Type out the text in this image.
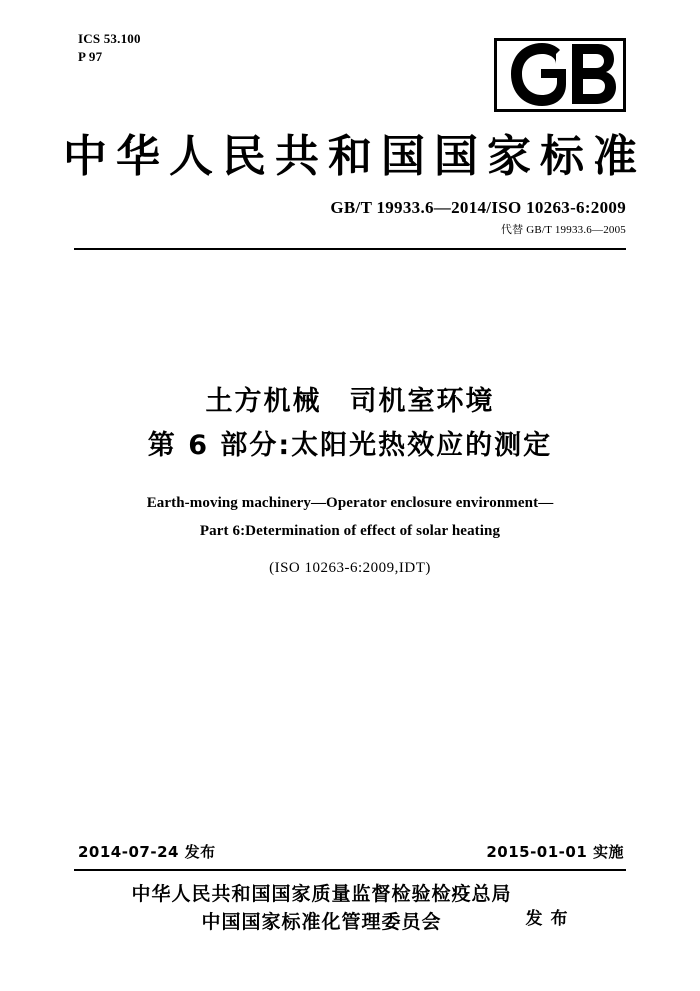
ICS 53.100
P 97
中华人民共和国国家标准
GB/T 19933.6—2014/ISO 10263-6:2009
代替 GB/T 19933.6—2005
土方机械 司机室环境
第 6 部分:太阳光热效应的测定
Earth-moving machinery—Operator enclosure environment—
Part 6:Determination of effect of solar heating
(ISO 10263-6:2009,IDT)
2014-07-24 发布	2015-01-01 实施
中华人民共和国国家质量监督检验检疫总局
中国国家标准化管理委员会	发 布
